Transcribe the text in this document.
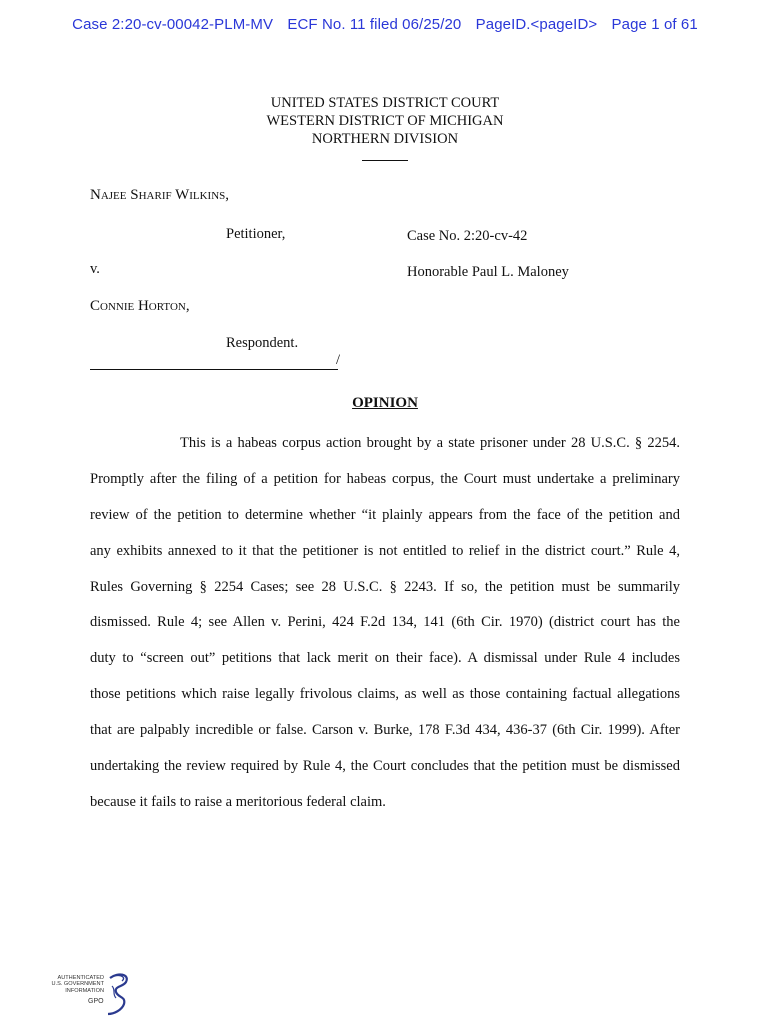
Case 2:20-cv-00042-PLM-MV ECF No. 11 filed 06/25/20 PageID.<pageID> Page 1 of 61
UNITED STATES DISTRICT COURT
WESTERN DISTRICT OF MICHIGAN
NORTHERN DIVISION
Najee Sharif Wilkins,
Petitioner,	Case No. 2:20-cv-42
v.	Honorable Paul L. Maloney
Connie Horton,
Respondent.
/
OPINION
This is a habeas corpus action brought by a state prisoner under 28 U.S.C. § 2254.
Promptly after the filing of a petition for habeas corpus, the Court must undertake a preliminary
review of the petition to determine whether “it plainly appears from the face of the petition and
any exhibits annexed to it that the petitioner is not entitled to relief in the district court.” Rule 4,
Rules Governing § 2254 Cases; see 28 U.S.C. § 2243. If so, the petition must be summarily
dismissed. Rule 4; see Allen v. Perini, 424 F.2d 134, 141 (6th Cir. 1970) (district court has the
duty to “screen out” petitions that lack merit on their face). A dismissal under Rule 4 includes
those petitions which raise legally frivolous claims, as well as those containing factual allegations
that are palpably incredible or false. Carson v. Burke, 178 F.3d 434, 436-37 (6th Cir. 1999). After
undertaking the review required by Rule 4, the Court concludes that the petition must be dismissed
because it fails to raise a meritorious federal claim.
AUTHENTICATED
U.S. GOVERNMENT
INFORMATION
GPO
